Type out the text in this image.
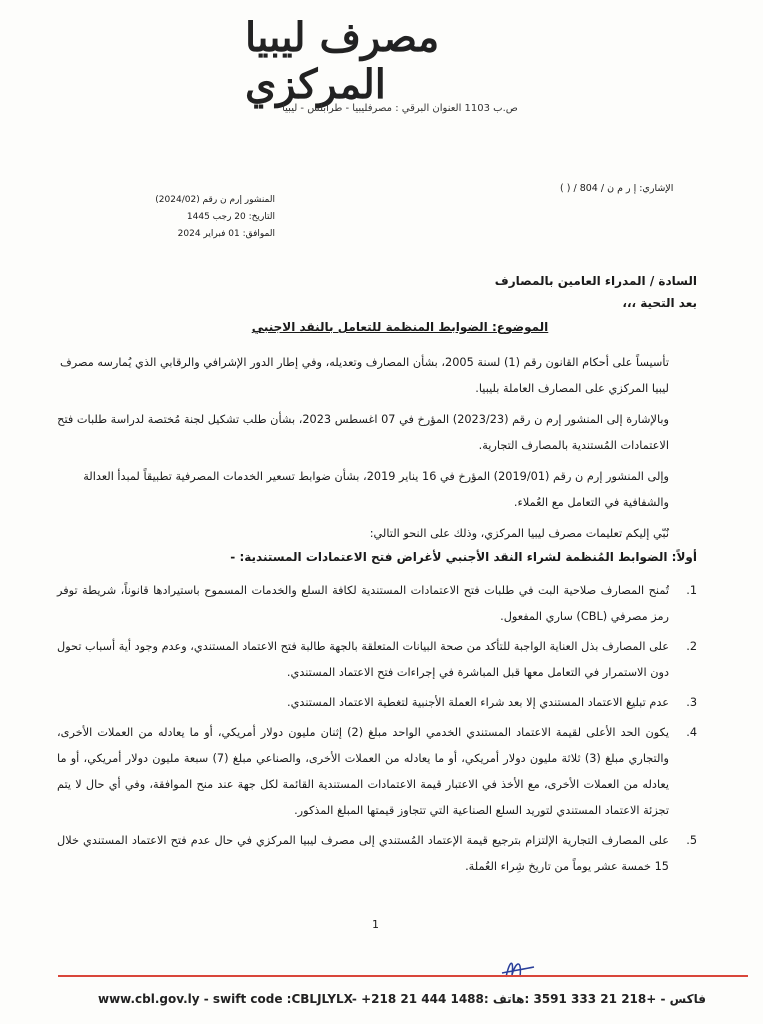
مصرف ليبيا المركزي
ص.ب 1103 العنوان البرقي : مصرفليبيا - طرابلس - ليبيا
الإشاري: إ ر م ن / 804 / ( )
المنشور إرم ن رقم (2024/02)
التاريخ: 20 رجب 1445
الموافق: 01 فبراير 2024
السادة / المدراء العامين بالمصارف
بعد التحية ،،،
الموضوع: الضوابط المنظمة للتعامل بالنقد الاجنبي

تأسيساً على أحكام القانون رقم (1) لسنة 2005، بشأن المصارف وتعديله، وفي إطار الدور الإشرافي والرقابي الذي يُمارسه مصرف ليبيا المركزي على المصارف العاملة بليبيا.

وبالإشارة إلى المنشور إرم ن رقم (2023/23) المؤرخ في 07 اغسطس 2023، بشأن طلب تشكيل لجنة مُختصة لدراسة طلبات فتح الاعتمادات المُستندية بالمصارف التجارية.

وإلى المنشور إرم ن رقم (2019/01) المؤرخ في 16 يناير 2019، بشأن ضوابط تسعير الخدمات المصرفية تطبيقاً لمبدأ العدالة والشفافية في التعامل مع العُملاء.

نُبّي إليكم تعليمات مصرف ليبيا المركزي، وذلك على النحو التالي:

أولاً: الضوابط المُنظمة لشراء النقد الأجنبي لأغراض فتح الاعتمادات المستندية: -
1.
تُمنح المصارف صلاحية البت في طلبات فتح الاعتمادات المستندية لكافة السلع والخدمات المسموح باستيرادها قانوناً، شريطة توفر رمز مصرفي (CBL) ساري المفعول.
2.
على المصارف بذل العناية الواجبة للتأكد من صحة البيانات المتعلقة بالجهة طالبة فتح الاعتماد المستندي، وعدم وجود أية أسباب تحول دون الاستمرار في التعامل معها قبل المباشرة في إجراءات فتح الاعتماد المستندي.
3.
عدم تبليغ الاعتماد المستندي إلا بعد شراء العملة الأجنبية لتغطية الاعتماد المستندي.
4.
يكون الحد الأعلى لقيمة الاعتماد المستندي الخدمي الواحد مبلغ (2) إثنان مليون دولار أمريكي، أو ما يعادله من العملات الأخرى، والتجاري مبلغ (3) ثلاثة مليون دولار أمريكي، أو ما يعادله من العملات الأخرى، والصناعي مبلغ (7) سبعة مليون دولار أمريكي، أو ما يعادله من العملات الأخرى، مع الأخذ في الاعتبار قيمة الاعتمادات المستندية القائمة لكل جهة عند منح الموافقة، وفي أي حال لا يتم تجزئة الاعتماد المستندي لتوريد السلع الصناعية التي تتجاوز قيمتها المبلغ المذكور.
5.
على المصارف التجارية الإلتزام بترجيع قيمة الإعتماد المُستندي إلى مصرف ليبيا المركزي في حال عدم فتح الاعتماد المستندي خلال 15 خمسة عشر يوماً من تاريخ شِراء العُملة.
1
www.cbl.gov.ly - swift code :CBLJLYLX- +218 21 444 1488: فاكس - +218 21 333 3591 :هاتف
